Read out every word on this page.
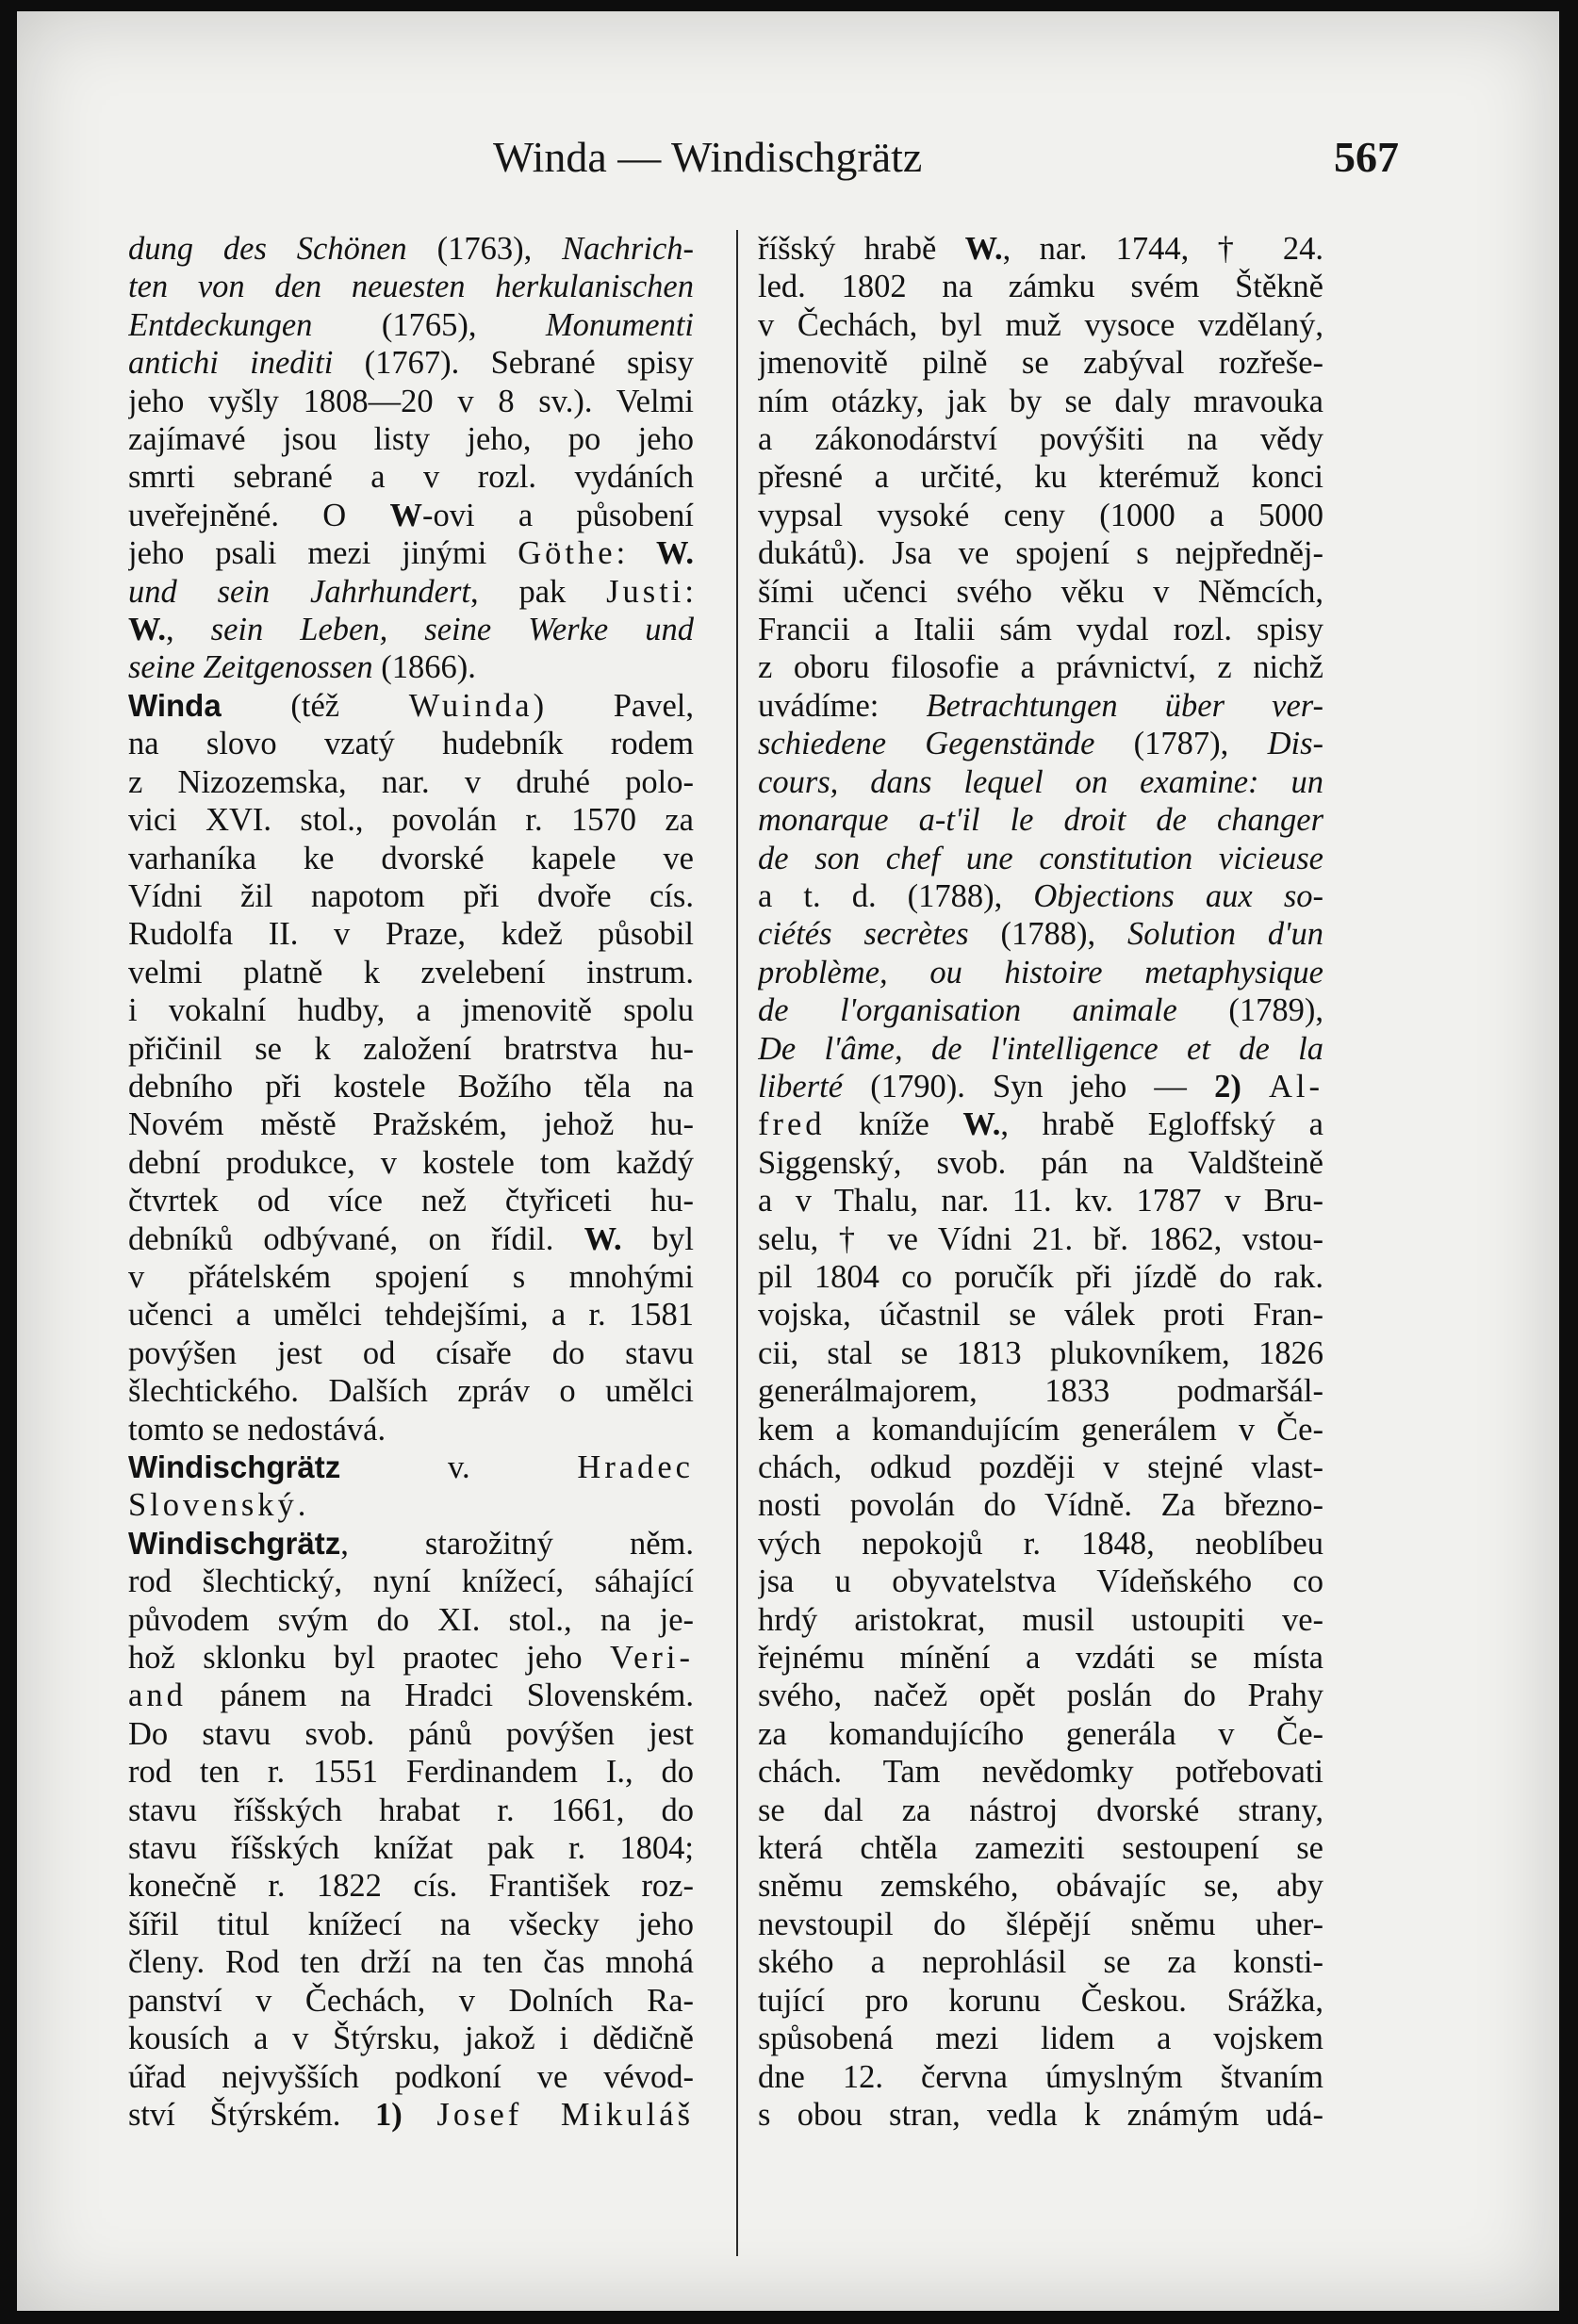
Winda — Windischgrätz	567
dung des Schönen (1763), Nachrich-
ten von den neuesten herkulanischen
Entdeckungen (1765), Monumenti
antichi inediti (1767). Sebrané spisy
jeho vyšly 1808—20 v 8 sv.). Velmi
zajímavé jsou listy jeho, po jeho
smrti sebrané a v rozl. vydáních
uveřejněné. O W-ovi a působení
jeho psali mezi jinými Göthe: W.
und sein Jahrhundert, pak Justi:
W., sein Leben, seine Werke und
seine Zeitgenossen (1866).
Winda (též Wuinda) Pavel,
na slovo vzatý hudebník rodem
z Nizozemska, nar. v druhé polo-
vici XVI. stol., povolán r. 1570 za
varhaníka ke dvorské kapele ve
Vídni žil napotom při dvoře cís.
Rudolfa II. v Praze, kdež působil
velmi platně k zvelebení instrum.
i vokalní hudby, a jmenovitě spolu
přičinil se k založení bratrstva hu-
debního při kostele Božího těla na
Novém městě Pražském, jehož hu-
dební produkce, v kostele tom každý
čtvrtek od více než čtyřiceti hu-
debníků odbývané, on řídil. W. byl
v přátelském spojení s mnohými
učenci a umělci tehdejšími, a r. 1581
povýšen jest od císaře do stavu
šlechtického. Dalších zpráv o umělci
tomto se nedostává.
Windischgrätz v. Hradec
Slovenský.
Windischgrätz, starožitný něm.
rod šlechtický, nyní knížecí, sáhající
původem svým do XI. stol., na je-
hož sklonku byl praotec jeho Veri-
and pánem na Hradci Slovenském.
Do stavu svob. pánů povýšen jest
rod ten r. 1551 Ferdinandem I., do
stavu říšských hrabat r. 1661, do
stavu říšských knížat pak r. 1804;
konečně r. 1822 cís. František roz-
šířil titul knížecí na všecky jeho
členy. Rod ten drží na ten čas mnohá
panství v Čechách, v Dolních Ra-
kousích a v Štýrsku, jakož i dědičně
úřad nejvyšších podkoní ve vévod-
ství Štýrském. 1) Josef Mikuláš
říšský hrabě W., nar. 1744, † 24.
led. 1802 na zámku svém Štěkně
v Čechách, byl muž vysoce vzdělaný,
jmenovitě pilně se zabýval rozřeše-
ním otázky, jak by se daly mravouka
a zákonodárství povýšiti na vědy
přesné a určité, ku kterémuž konci
vypsal vysoké ceny (1000 a 5000
dukátů). Jsa ve spojení s nejpředněj-
šími učenci svého věku v Němcích,
Francii a Italii sám vydal rozl. spisy
z oboru filosofie a právnictví, z nichž
uvádíme: Betrachtungen über ver-
schiedene Gegenstände (1787), Dis-
cours, dans lequel on examine: un
monarque a-t'il le droit de changer
de son chef une constitution vicieuse
a t. d. (1788), Objections aux so-
ciétés secrètes (1788), Solution d'un
problème, ou histoire metaphysique
de l'organisation animale (1789),
De l'âme, de l'intelligence et de la
liberté (1790). Syn jeho — 2) Al-
fred kníže W., hrabě Egloffský a
Siggenský, svob. pán na Valdšteině
a v Thalu, nar. 11. kv. 1787 v Bru-
selu, † ve Vídni 21. bř. 1862, vstou-
pil 1804 co poručík při jízdě do rak.
vojska, účastnil se válek proti Fran-
cii, stal se 1813 plukovníkem, 1826
generálmajorem, 1833 podmaršál-
kem a komandujícím generálem v Če-
chách, odkud později v stejné vlast-
nosti povolán do Vídně. Za březno-
vých nepokojů r. 1848, neoblíbeu
jsa u obyvatelstva Vídeňského co
hrdý aristokrat, musil ustoupiti ve-
řejnému mínění a vzdáti se místa
svého, načež opět poslán do Prahy
za komandujícího generála v Če-
chách. Tam nevědomky potřebovati
se dal za nástroj dvorské strany,
která chtěla zameziti sestoupení se
sněmu zemského, obávajíc se, aby
nevstoupil do šlépějí sněmu uher-
ského a neprohlásil se za konsti-
tující pro korunu Českou. Srážka,
spůsobená mezi lidem a vojskem
dne 12. června úmyslným štvaním
s obou stran, vedla k známým udá-
